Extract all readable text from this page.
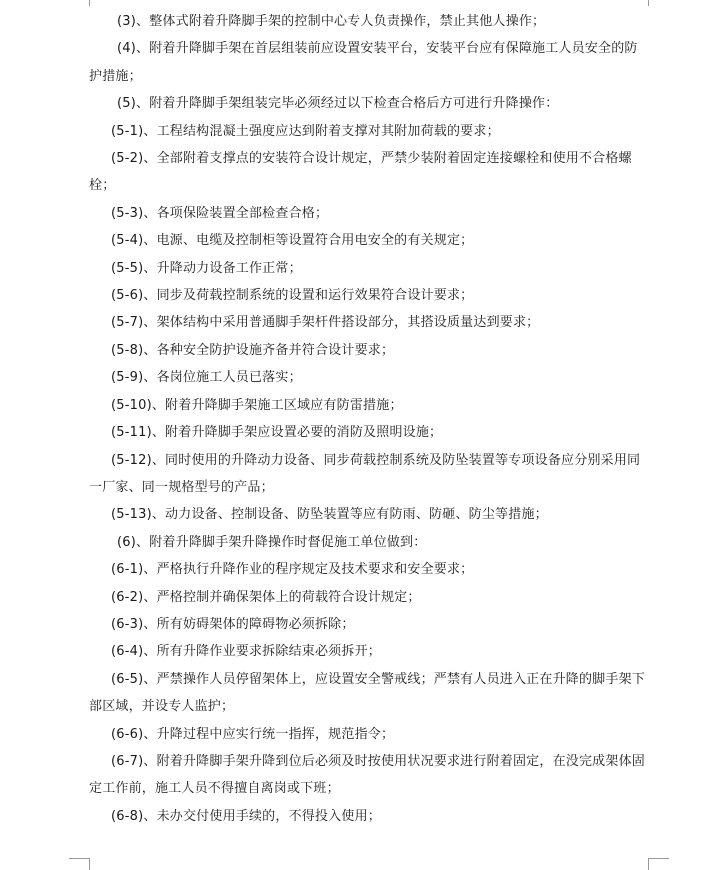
(3)、整体式附着升降脚手架的控制中心专人负责操作，禁止其他人操作；

(4)、附着升降脚手架在首层组装前应设置安装平台，安装平台应有保障施工人员安全的防护措施；

(5)、附着升降脚手架组装完毕必须经过以下检查合格后方可进行升降操作：

(5-1)、工程结构混凝土强度应达到附着支撑对其附加荷载的要求；

(5-2)、全部附着支撑点的安装符合设计规定，严禁少装附着固定连接螺栓和使用不合格螺栓；

(5-3)、各项保险装置全部检查合格；

(5-4)、电源、电缆及控制柜等设置符合用电安全的有关规定；

(5-5)、升降动力设备工作正常；

(5-6)、同步及荷载控制系统的设置和运行效果符合设计要求；

(5-7)、架体结构中采用普通脚手架杆件搭设部分，其搭设质量达到要求；

(5-8)、各种安全防护设施齐备并符合设计要求；

(5-9)、各岗位施工人员已落实；

(5-10)、附着升降脚手架施工区域应有防雷措施；

(5-11)、附着升降脚手架应设置必要的消防及照明设施；

(5-12)、同时使用的升降动力设备、同步荷载控制系统及防坠装置等专项设备应分别采用同一厂家、同一规格型号的产品；

(5-13)、动力设备、控制设备、防坠装置等应有防雨、防砸、防尘等措施；

(6)、附着升降脚手架升降操作时督促施工单位做到：

(6-1)、严格执行升降作业的程序规定及技术要求和安全要求；

(6-2)、严格控制并确保架体上的荷载符合设计规定；

(6-3)、所有妨碍架体的障碍物必须拆除；

(6-4)、所有升降作业要求拆除结束必须拆开；

(6-5)、严禁操作人员停留架体上，应设置安全警戒线；严禁有人员进入正在升降的脚手架下部区域，并设专人监护；

(6-6)、升降过程中应实行统一指挥，规范指令；

(6-7)、附着升降脚手架升降到位后必须及时按使用状况要求进行附着固定，在没完成架体固定工作前，施工人员不得擅自离岗或下班；

(6-8)、未办交付使用手续的，不得投入使用；
